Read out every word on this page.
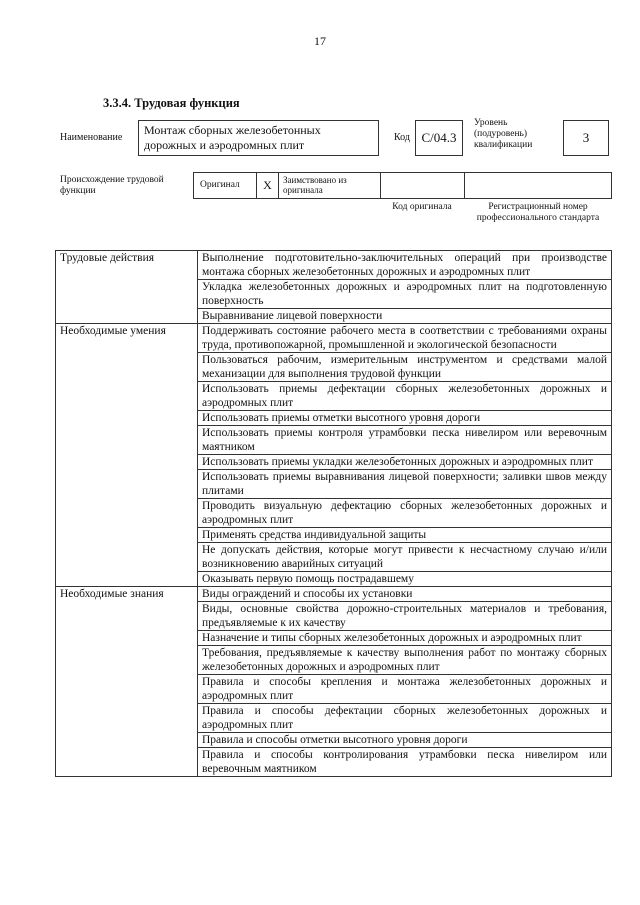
17
3.3.4. Трудовая функция
Наименование
Монтаж сборных железобетонных дорожных и аэродромных плит
Код С/04.3
Уровень (подуровень) квалификации	3
Происхождение трудовой функции
Оригинал	X	Заимствовано из оригинала
Код оригинала	Регистрационный номер профессионального стандарта
Трудовые действия	Выполнение подготовительно-заключительных операций при производстве монтажа сборных железобетонных дорожных и аэродромных плит
	Укладка железобетонных дорожных и аэродромных плит на подготовленную поверхность
	Выравнивание лицевой поверхности
Необходимые умения	Поддерживать состояние рабочего места в соответствии с требованиями охраны труда, противопожарной, промышленной и экологической безопасности
	Пользоваться рабочим, измерительным инструментом и средствами малой механизации для выполнения трудовой функции
	Использовать приемы дефектации сборных железобетонных дорожных и аэродромных плит
	Использовать приемы отметки высотного уровня дороги
	Использовать приемы контроля утрамбовки песка нивелиром или веревочным маятником
	Использовать приемы укладки железобетонных дорожных и аэродромных плит
	Использовать приемы выравнивания лицевой поверхности; заливки швов между плитами
	Проводить визуальную дефектацию сборных железобетонных дорожных и аэродромных плит
	Применять средства индивидуальной защиты
	Не допускать действия, которые могут привести к несчастному случаю и/или возникновению аварийных ситуаций
	Оказывать первую помощь пострадавшему
Необходимые знания	Виды ограждений и способы их установки
	Виды, основные свойства дорожно-строительных материалов и требования, предъявляемые к их качеству
	Назначение и типы сборных железобетонных дорожных и аэродромных плит
	Требования, предъявляемые к качеству выполнения работ по монтажу сборных железобетонных дорожных и аэродромных плит
	Правила и способы крепления и монтажа железобетонных дорожных и аэродромных плит
	Правила и способы дефектации сборных железобетонных дорожных и аэродромных плит
	Правила и способы отметки высотного уровня дороги
	Правила и способы контролирования утрамбовки песка нивелиром или веревочным маятником
